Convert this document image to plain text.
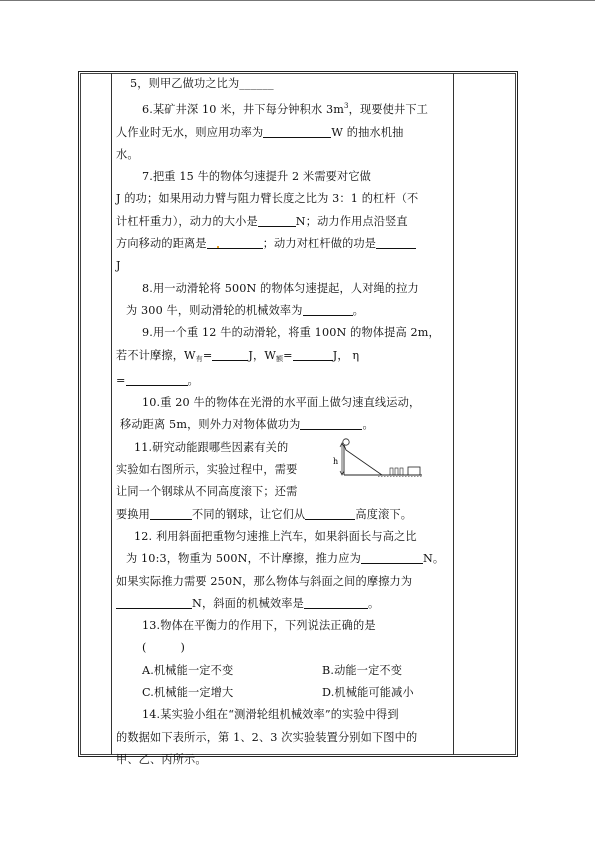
5，则甲乙做功之比为______

6.某矿井深 10 米，井下每分钟积水 $3m^3$，现要使井下工

人作业时无水，则应用功率为	W 的抽水机抽

水。

7.把重 15 牛的物体匀速提升 2 米需要对它做

J 的功；如果用动力臂与阻力臂长度之比为 3：1 的杠杆（不

计杠杆重力），动力的大小是	N；动力作用点沿竖直

方向移动的距离是	；动力对杠杆做的功是

J

8.用一动滑轮将 500N 的物体匀速提起，人对绳的拉力

为 300 牛，则动滑轮的机械效率为	。

9.用一个重 12 牛的动滑轮，将重 100N 的物体提高 2m，

若不计摩擦，$W_有=$	J，$W_额=$	J， η

=	。

10.重 20 牛的物体在光滑的水平面上做匀速直线运动，

移动距离 5m，则外力对物体做功为	。

11.研究动能跟哪些因素有关的

实验如右图所示，实验过程中，需要

让同一个钢球从不同高度滚下；还需

要换用	不同的钢球，让它们从	高度滚下。

12. 利用斜面把重物匀速推上汽车，如果斜面长与高之比

为 10:3，物重为 500N，不计摩擦，推力应为	N。

如果实际推力需要 250N，那么物体与斜面之间的摩擦力为

N，斜面的机械效率是	。

13.物体在平衡力的作用下，下列说法正确的是

(　　　)

A.机械能一定不变	B.动能一定不变
C.机械能一定增大	D.机械能可能减小

14.某实验小组在“测滑轮组机械效率”的实验中得到

的数据如下表所示，第 1、2、3 次实验装置分别如下图中的

甲、乙、丙所示。

h
